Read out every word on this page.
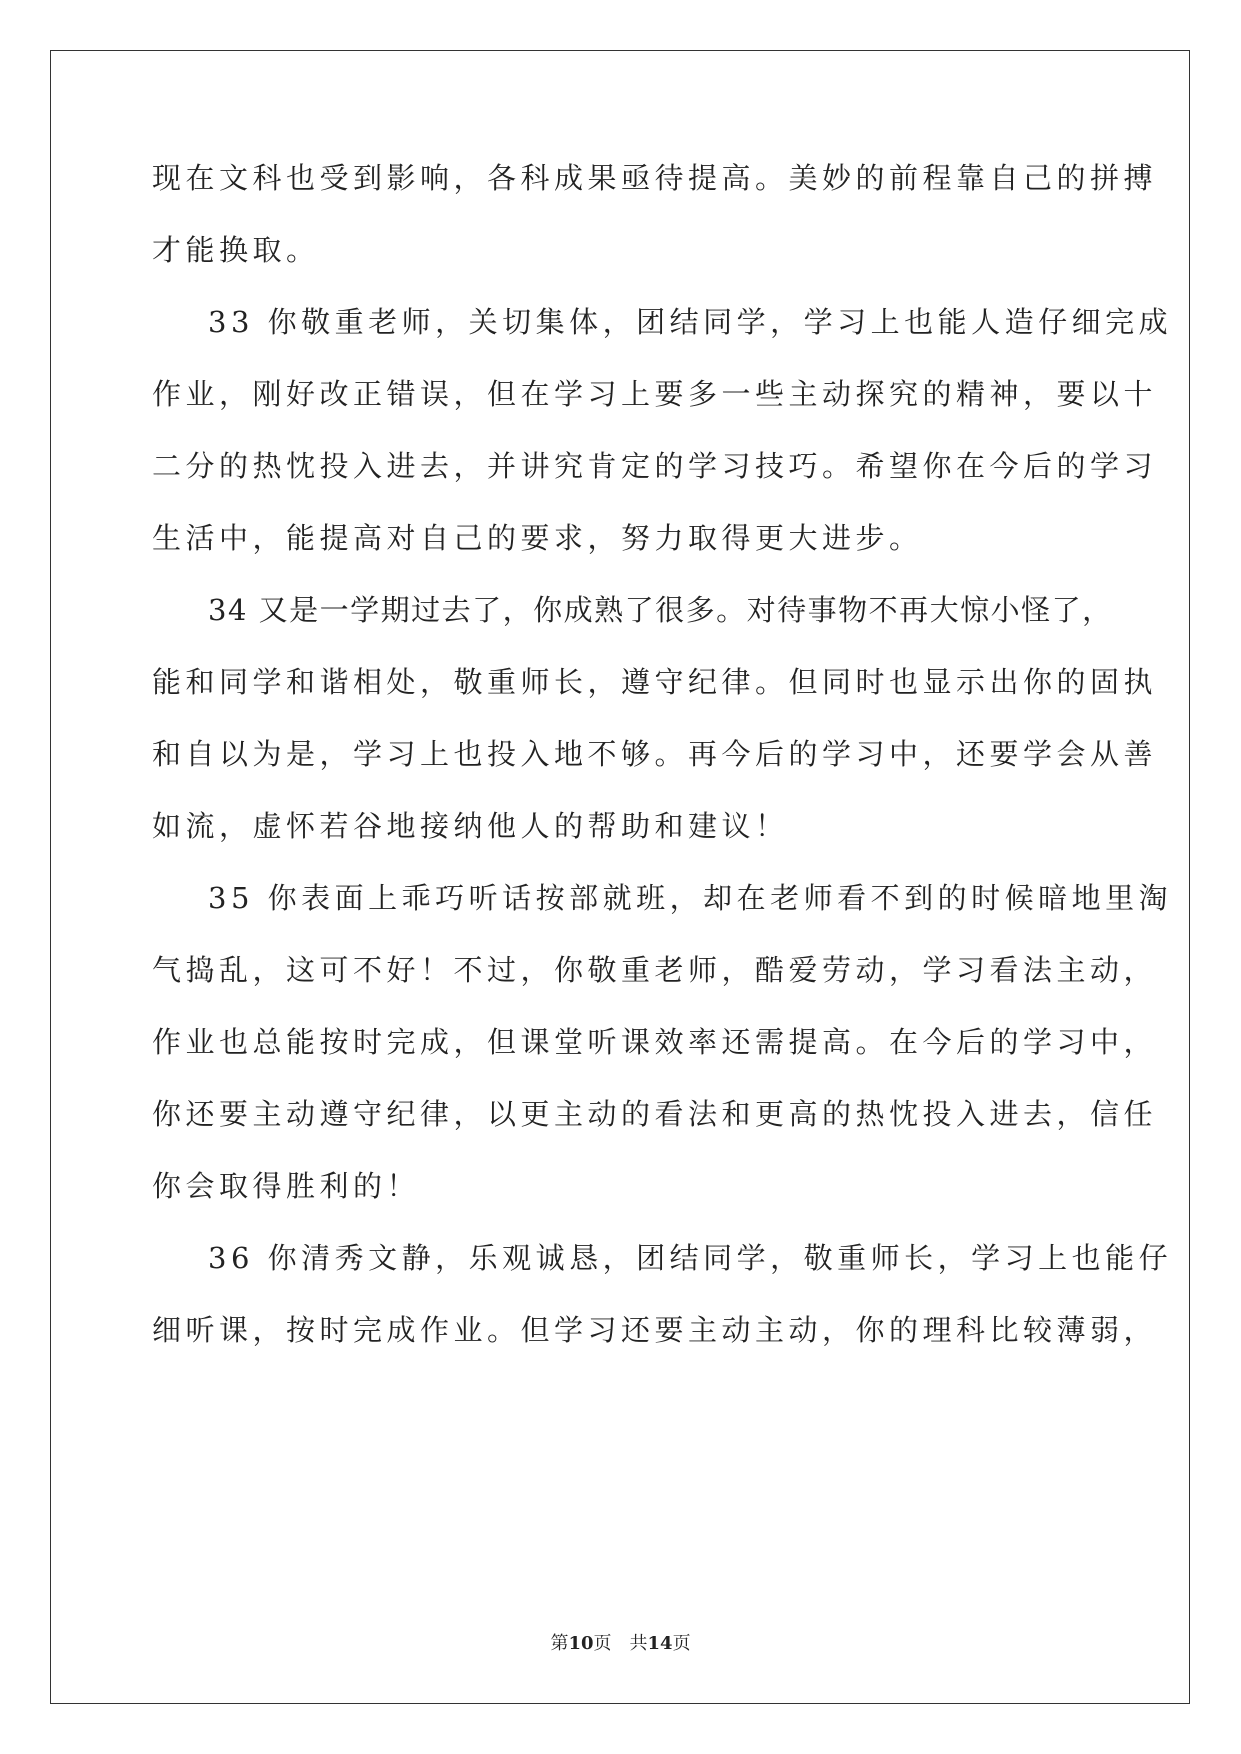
现在文科也受到影响，各科成果亟待提高。美妙的前程靠自己的拼搏
才能换取。
33 你敬重老师，关切集体，团结同学，学习上也能人造仔细完成
作业，刚好改正错误，但在学习上要多一些主动探究的精神，要以十
二分的热忱投入进去，并讲究肯定的学习技巧。希望你在今后的学习
生活中，能提高对自己的要求，努力取得更大进步。
34 又是一学期过去了，你成熟了很多。对待事物不再大惊小怪了，
能和同学和谐相处，敬重师长，遵守纪律。但同时也显示出你的固执
和自以为是，学习上也投入地不够。再今后的学习中，还要学会从善
如流，虚怀若谷地接纳他人的帮助和建议！
35 你表面上乖巧听话按部就班，却在老师看不到的时候暗地里淘
气捣乱，这可不好！不过，你敬重老师，酷爱劳动，学习看法主动，
作业也总能按时完成，但课堂听课效率还需提高。在今后的学习中，
你还要主动遵守纪律，以更主动的看法和更高的热忱投入进去，信任
你会取得胜利的！
36 你清秀文静，乐观诚恳，团结同学，敬重师长，学习上也能仔
细听课，按时完成作业。但学习还要主动主动，你的理科比较薄弱，
第10页 共14页
